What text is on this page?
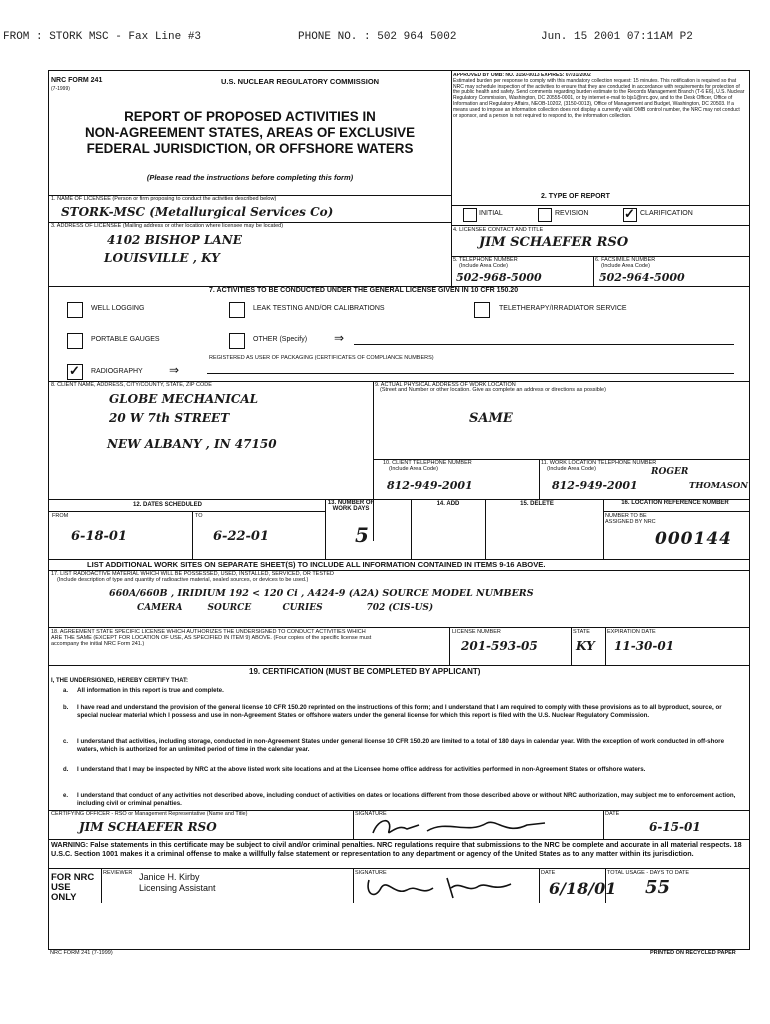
FROM : STORK MSC - Fax Line #3	PHONE NO. : 502 964 5002	Jun. 15 2001 07:11AM P2
NRC FORM 241
(7-1999)
U.S. NUCLEAR REGULATORY COMMISSION
REPORT OF PROPOSED ACTIVITIES IN
NON-AGREEMENT STATES, AREAS OF EXCLUSIVE
FEDERAL JURISDICTION, OR OFFSHORE WATERS
(Please read the instructions before completing this form)
APPROVED BY OMB: NO. 3150-0013 EXPIRES: 07/31/2002
Estimated burden per response to comply with this mandatory collection request: 15 minutes. This notification is required so that NRC may schedule inspection of the activities to ensure that they are conducted in accordance with requirements for protection of the public health and safety. Send comments regarding burden estimate to the Records Management Branch (T-6 E6), U.S. Nuclear Regulatory Commission, Washington, DC 20555-0001, or by internet e-mail to bjs1@nrc.gov, and to the Desk Officer, Office of Information and Regulatory Affairs, NEOB-10202, (3150-0013), Office of Management and Budget, Washington, DC 20503. If a means used to impose an information collection does not display a currently valid OMB control number, the NRC may not conduct or sponsor, and a person is not required to respond to, the information collection.
1. NAME OF LICENSEE (Person or firm proposing to conduct the activities described below)
STORK-MSC (Metallurgical Services Co)
2. TYPE OF REPORT
INITIAL	REVISION	✓ CLARIFICATION
3. ADDRESS OF LICENSEE (Mailing address or other location where licensee may be located)
4102 BISHOP LANE
LOUISVILLE , KY
4. LICENSEE CONTACT AND TITLE
JIM SCHAEFER RSO
5. TELEPHONE NUMBER
(Include Area Code)
502-968-5000
6. FACSIMILE NUMBER
(Include Area Code)
502-964-5000
7. ACTIVITIES TO BE CONDUCTED UNDER THE GENERAL LICENSE GIVEN IN 10 CFR 150.20
WELL LOGGING	LEAK TESTING AND/OR CALIBRATIONS	TELETHERAPY/IRRADIATOR SERVICE
PORTABLE GAUGES	OTHER (Specify) ⇒
✓ RADIOGRAPHY ⇒
REGISTERED AS USER OF PACKAGING (CERTIFICATES OF COMPLIANCE NUMBERS)
8. CLIENT NAME, ADDRESS, CITY/COUNTY, STATE, ZIP CODE
GLOBE MECHANICAL
20 W 7th STREET
NEW ALBANY , IN 47150
9. ACTUAL PHYSICAL ADDRESS OF WORK LOCATION
(Street and Number or other location. Give as complete an address or directions as possible)
SAME
10. CLIENT TELEPHONE NUMBER
(Include Area Code)
812-949-2001
11. WORK LOCATION TELEPHONE NUMBER
(Include Area Code)	ROGER
812-949-2001	THOMASON
12. DATES SCHEDULED	13. NUMBER OF WORK DAYS
14. ADD	15. DELETE	16. LOCATION REFERENCE NUMBER
FROM	TO
6-18-01	6-22-01	5
NUMBER TO BE ASSIGNED BY NRC
000144
LIST ADDITIONAL WORK SITES ON SEPARATE SHEET(S) TO INCLUDE ALL INFORMATION CONTAINED IN ITEMS 9-16 ABOVE.
17. LIST RADIOACTIVE MATERIAL WHICH WILL BE POSSESSED, USED, INSTALLED, SERVICED, OR TESTED
(Include description of type and quantity of radioactive material, sealed sources, or devices to be used.)
660A/660B , IRIDIUM 192 < 120 Ci , A424-9 (A2A) SOURCE MODEL NUMBERS
CAMERA        SOURCE          CURIES              702 (CIS-US)
18. AGREEMENT STATE SPECIFIC LICENSE WHICH AUTHORIZES THE UNDERSIGNED TO CONDUCT ACTIVITIES WHICH ARE THE SAME (EXCEPT FOR LOCATION OF USE, AS SPECIFIED IN ITEM 9) ABOVE. (Four copies of the specific license must accompany the initial NRC Form 241.)
LICENSE NUMBER
201-593-05
STATE
KY
EXPIRATION DATE
11-30-01
19. CERTIFICATION (MUST BE COMPLETED BY APPLICANT)
I, THE UNDERSIGNED, HEREBY CERTIFY THAT:
a. All information in this report is true and complete.
b. I have read and understand the provision of the general license 10 CFR 150.20 reprinted on the instructions of this form; and I understand that I am required to comply with these provisions as to all byproduct, source, or special nuclear material which I possess and use in non-Agreement States or offshore waters under the general license for which this report is filed with the U.S. Nuclear Regulatory Commission.
c. I understand that activities, including storage, conducted in non-Agreement States under general license 10 CFR 150.20 are limited to a total of 180 days in calendar year. With the exception of work conducted in off-shore waters, which is authorized for an unlimited period of time in the calendar year.
d. I understand that I may be inspected by NRC at the above listed work site locations and at the Licensee home office address for activities performed in non-Agreement States or offshore waters.
e. I understand that conduct of any activities not described above, including conduct of activities on dates or locations different from those described above or without NRC authorization, may subject me to enforcement action, including civil or criminal penalties.
CERTIFYING OFFICER - RSO or Management Representative (Name and Title)
JIM SCHAEFER RSO
SIGNATURE	DATE
6-15-01
WARNING: False statements in this certificate may be subject to civil and/or criminal penalties. NRC regulations require that submissions to the NRC be complete and accurate in all material respects. 18 U.S.C. Section 1001 makes it a criminal offense to make a willfully false statement or representation to any department or agency of the United States as to any matter within its jurisdiction.
FOR NRC USE ONLY
REVIEWER Janice H. Kirby
Licensing Assistant
SIGNATURE	DATE
6/18/01
TOTAL USAGE - DAYS TO DATE
55
NRC FORM 241 (7-1999)	PRINTED ON RECYCLED PAPER
